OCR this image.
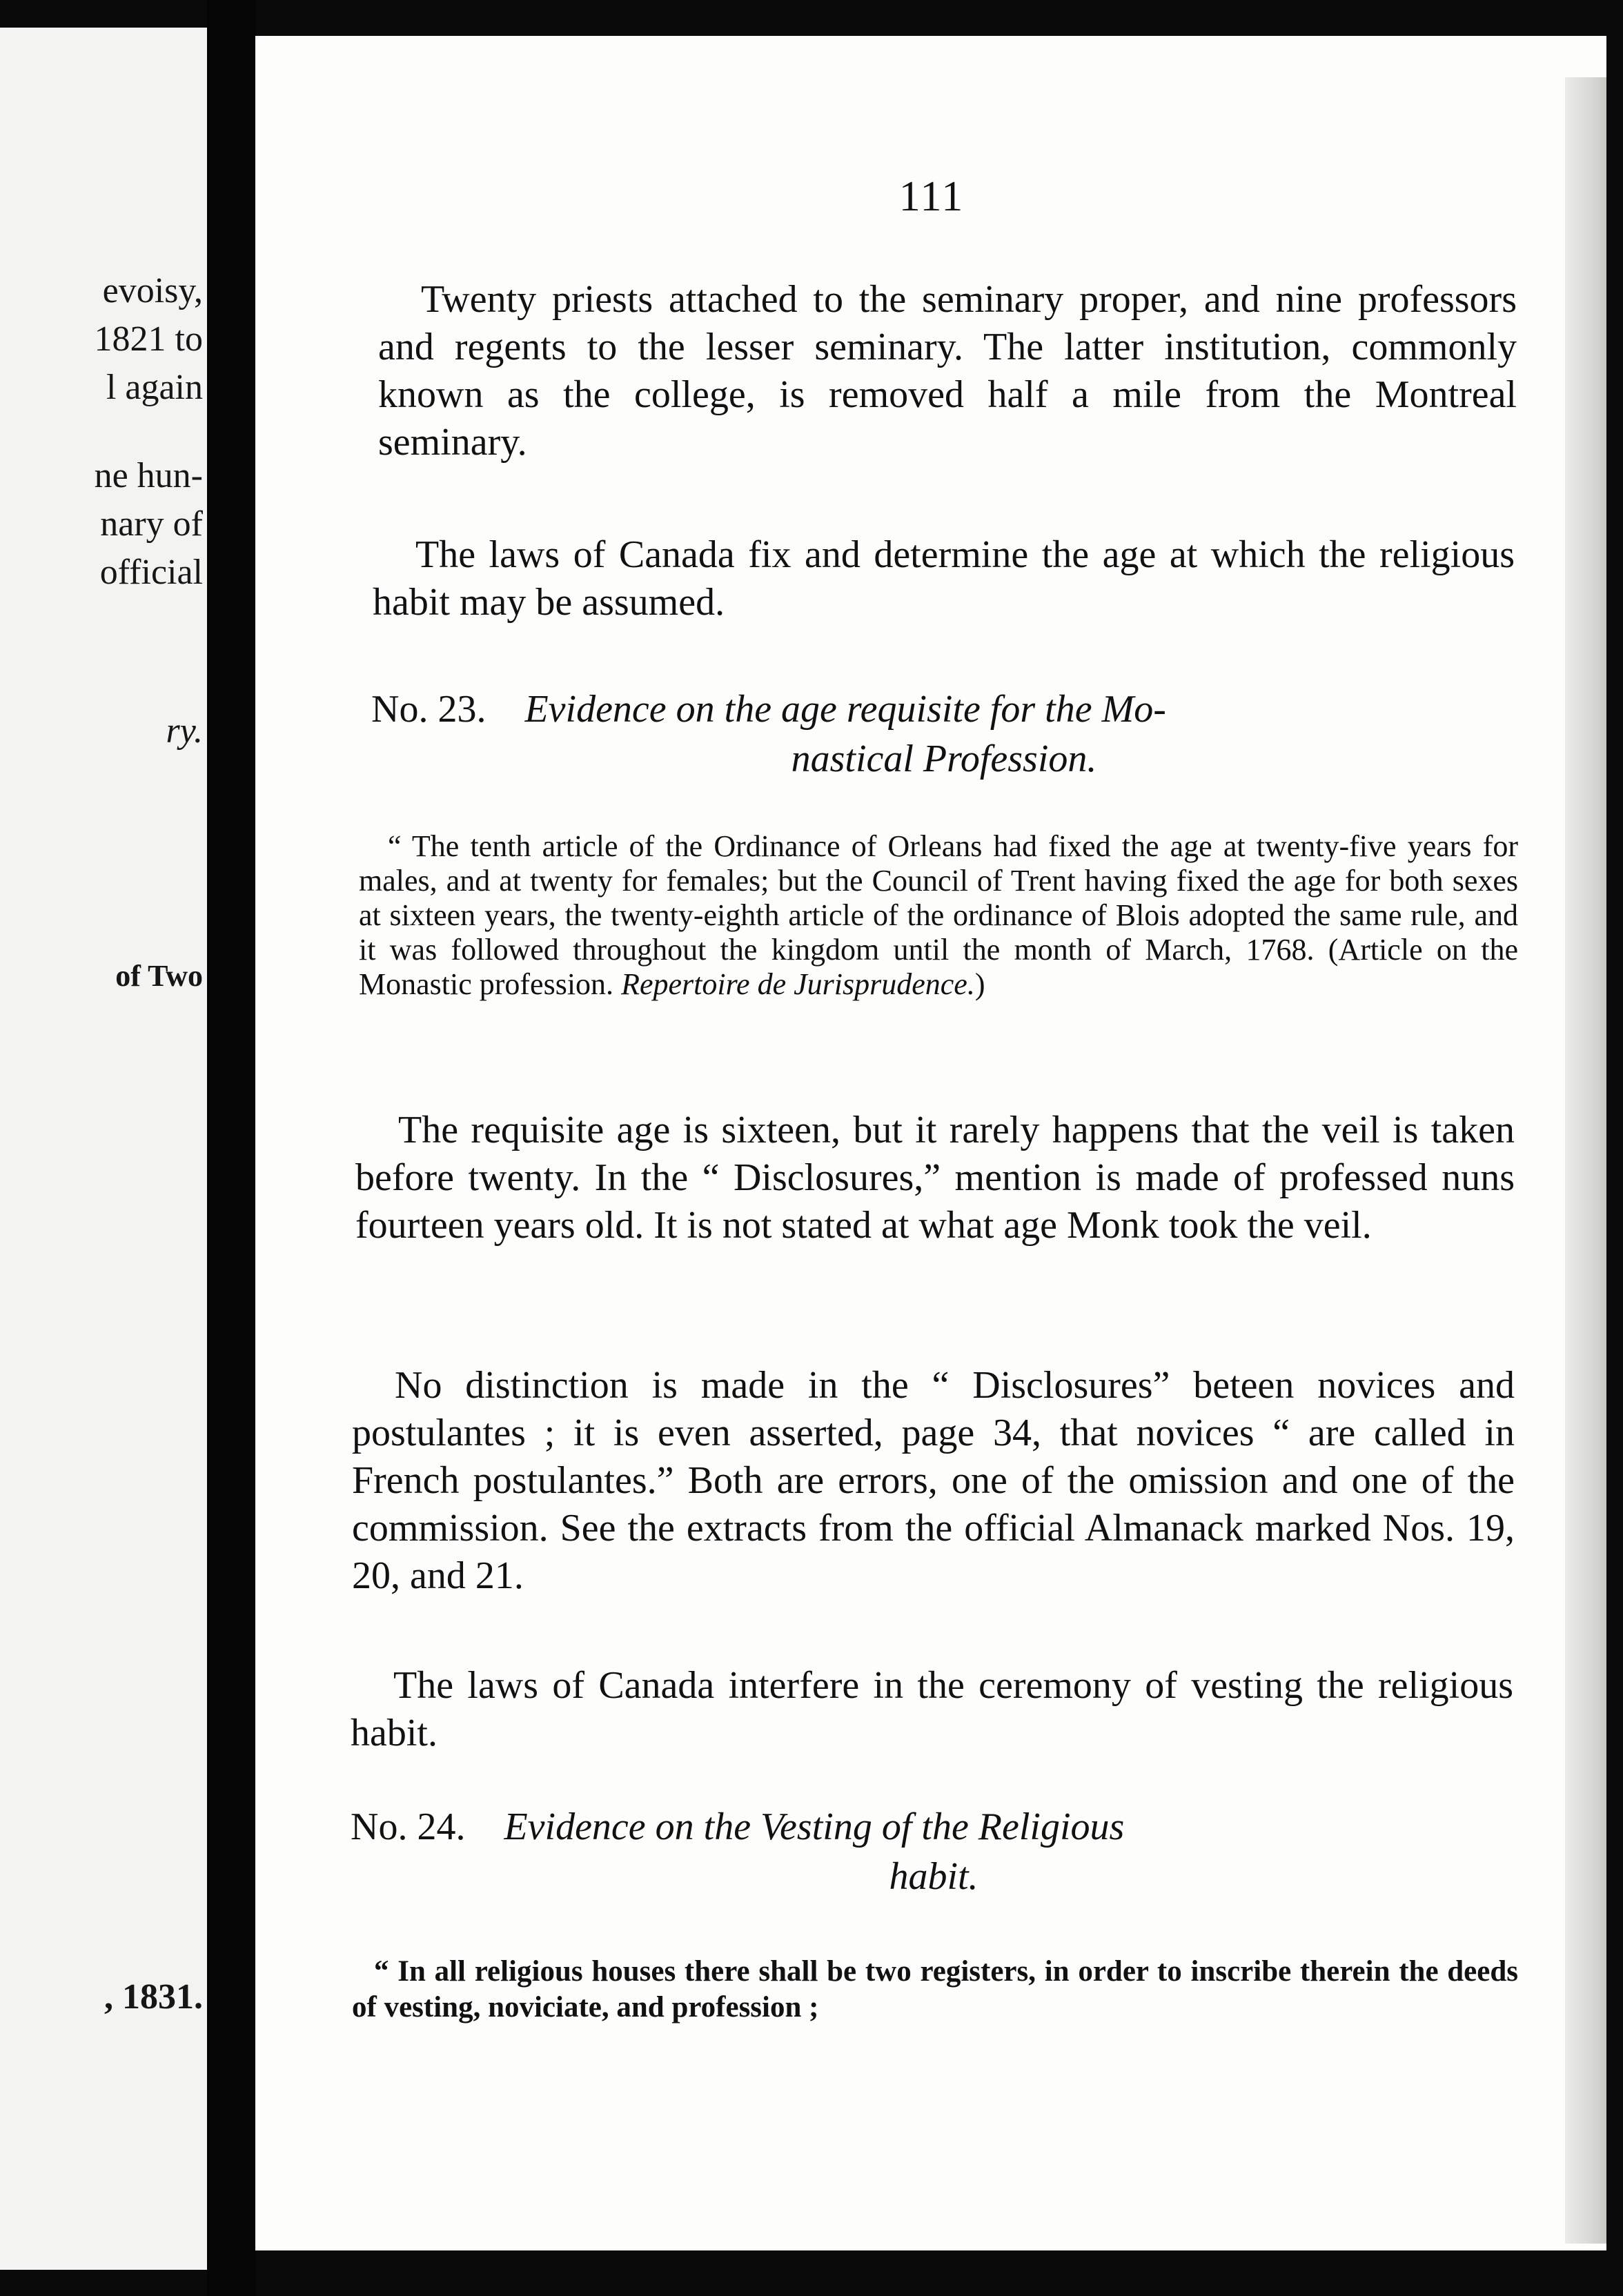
evoisy,
1821 to
l again
ne hun-
nary of
official
ry.
of Two
, 1831.
111

Twenty priests attached to the seminary proper, and nine professors and regents to the lesser seminary. The latter institution, commonly known as the college, is removed half a mile from the Montreal seminary.

The laws of Canada fix and determine the age at which the religious habit may be assumed.

No. 23. Evidence on the age requisite for the Mo-
nastical Profession.

“ The tenth article of the Ordinance of Orleans had fixed the age at twenty-five years for males, and at twenty for females; but the Council of Trent having fixed the age for both sexes at sixteen years, the twenty-eighth article of the ordinance of Blois adopted the same rule, and it was followed throughout the kingdom until the month of March, 1768. (Article on the Monastic profession. Repertoire de Jurisprudence.)

The requisite age is sixteen, but it rarely happens that the veil is taken before twenty. In the “ Disclosures,” mention is made of professed nuns fourteen years old. It is not stated at what age Monk took the veil.

No distinction is made in the “ Disclosures” beteen novices and postulantes ; it is even asserted, page 34, that novices “ are called in French postulantes.” Both are errors, one of the omission and one of the commission. See the extracts from the official Almanack marked Nos. 19, 20, and 21.

The laws of Canada interfere in the ceremony of vesting the religious habit.

No. 24. Evidence on the Vesting of the Religious
habit.

“ In all religious houses there shall be two registers, in order to inscribe therein the deeds of vesting, noviciate, and profession ;
